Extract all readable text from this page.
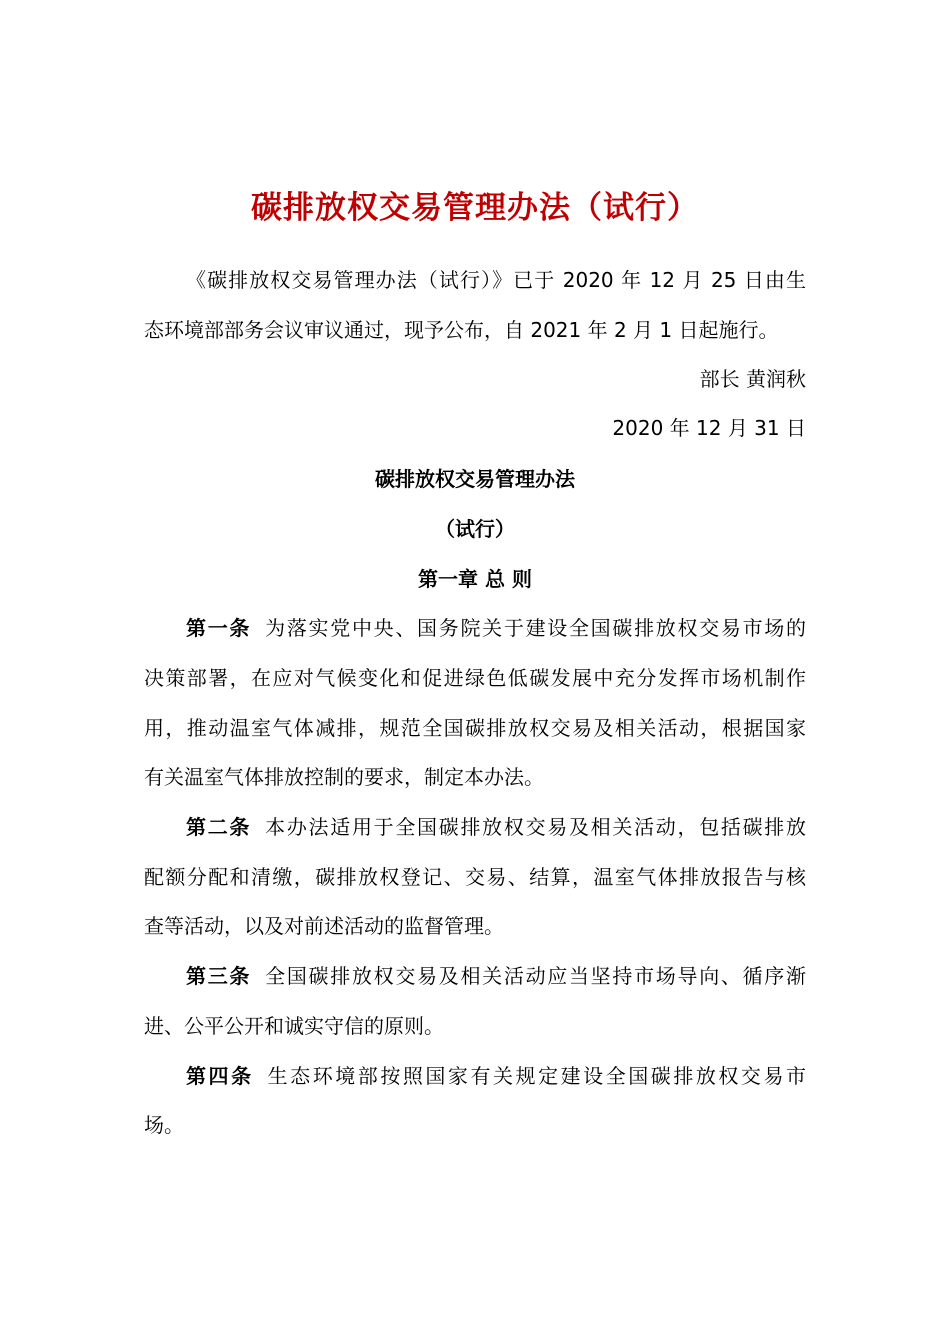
碳排放权交易管理办法（试行）

《碳排放权交易管理办法（试行）》已于 2020 年 12 月 25 日由生

态环境部部务会议审议通过，现予公布，自 2021 年 2 月 1 日起施行。

部长 黄润秋

2020 年 12 月 31 日

碳排放权交易管理办法

（试行）

第一章 总 则

第一条 为落实党中央、国务院关于建设全国碳排放权交易市场的

决策部署，在应对气候变化和促进绿色低碳发展中充分发挥市场机制作

用，推动温室气体减排，规范全国碳排放权交易及相关活动，根据国家

有关温室气体排放控制的要求，制定本办法。

第二条 本办法适用于全国碳排放权交易及相关活动，包括碳排放

配额分配和清缴，碳排放权登记、交易、结算，温室气体排放报告与核

查等活动，以及对前述活动的监督管理。

第三条 全国碳排放权交易及相关活动应当坚持市场导向、循序渐

进、公平公开和诚实守信的原则。

第四条 生态环境部按照国家有关规定建设全国碳排放权交易市

场。
